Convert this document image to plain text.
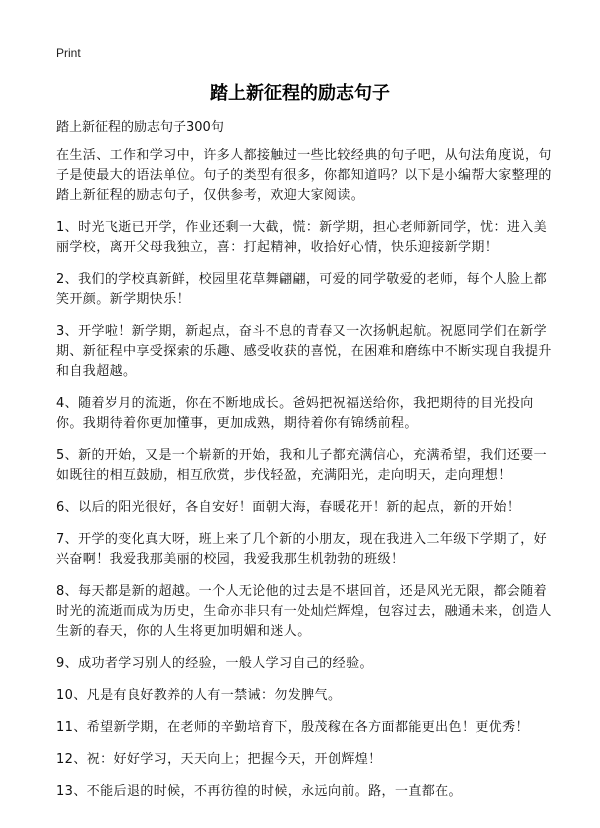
Print
踏上新征程的励志句子
踏上新征程的励志句子300句

在生活、工作和学习中，许多人都接触过一些比较经典的句子吧，从句法角度说，句子是使最大的语法单位。句子的类型有很多，你都知道吗？以下是小编帮大家整理的踏上新征程的励志句子，仅供参考，欢迎大家阅读。

1、时光飞逝已开学，作业还剩一大截，慌：新学期，担心老师新同学，忧：进入美丽学校，离开父母我独立，喜：打起精神，收拾好心情，快乐迎接新学期！

2、我们的学校真新鲜，校园里花草舞翩翩，可爱的同学敬爱的老师，每个人脸上都笑开颜。新学期快乐！

3、开学啦！新学期，新起点，奋斗不息的青春又一次扬帆起航。祝愿同学们在新学期、新征程中享受探索的乐趣、感受收获的喜悦，在困难和磨练中不断实现自我提升和自我超越。

4、随着岁月的流逝，你在不断地成长。爸妈把祝福送给你，我把期待的目光投向你。我期待着你更加懂事，更加成熟，期待着你有锦绣前程。

5、新的开始，又是一个崭新的开始，我和儿子都充满信心，充满希望，我们还要一如既往的相互鼓励，相互欣赏，步伐轻盈，充满阳光，走向明天，走向理想！

6、以后的阳光很好，各自安好！面朝大海，春暖花开！新的起点，新的开始！

7、开学的变化真大呀，班上来了几个新的小朋友，现在我进入二年级下学期了，好兴奋啊！我爱我那美丽的校园，我爱我那生机勃勃的班级！

8、每天都是新的超越。一个人无论他的过去是不堪回首，还是风光无限，都会随着时光的流逝而成为历史，生命亦非只有一处灿烂辉煌，包容过去，融通未来，创造人生新的春天，你的人生将更加明媚和迷人。

9、成功者学习别人的经验，一般人学习自己的经验。

10、凡是有良好教养的人有一禁诫：勿发脾气。

11、希望新学期，在老师的辛勤培育下，殷茂稼在各方面都能更出色！更优秀！

12、祝：好好学习，天天向上；把握今天，开创辉煌！

13、不能后退的时候，不再彷徨的时候，永远向前。路，一直都在。
